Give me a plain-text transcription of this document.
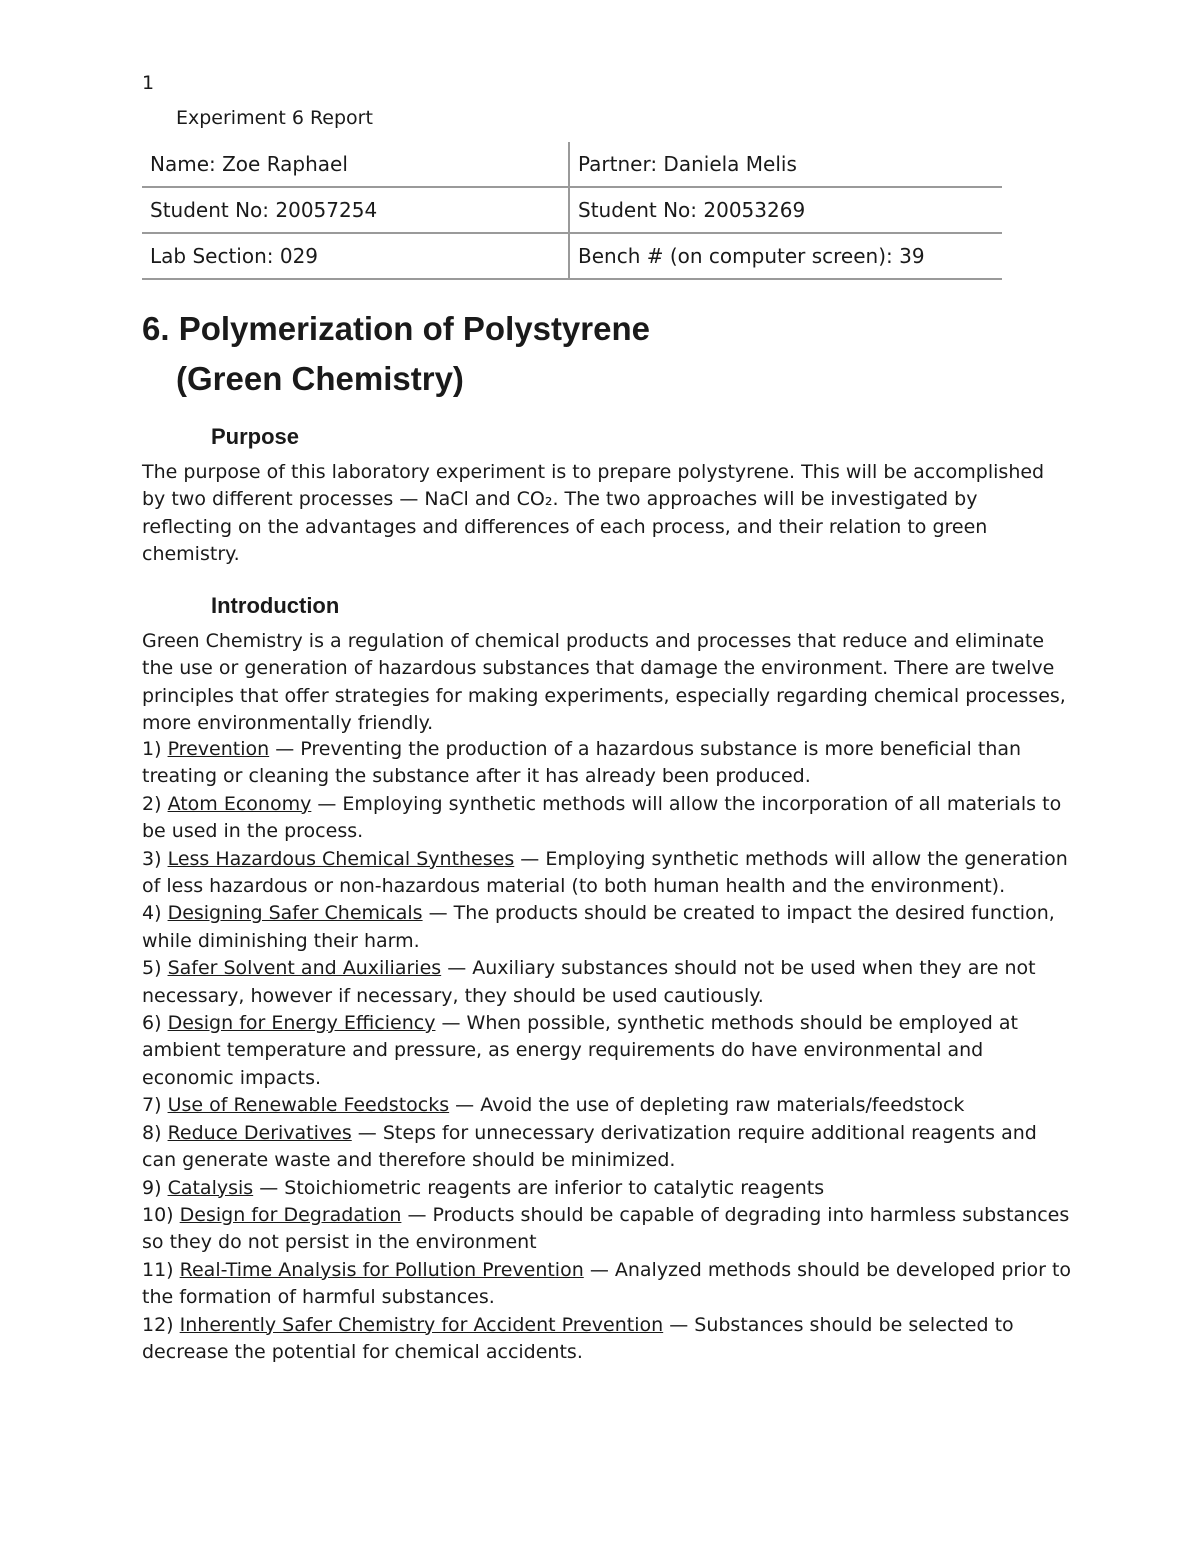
1
Experiment 6 Report
Name: Zoe Raphael	Partner: Daniela Melis
Student No: 20057254	Student No: 20053269
Lab Section: 029	Bench # (on computer screen): 39
6. Polymerization of Polystyrene
(Green Chemistry)
Purpose

The purpose of this laboratory experiment is to prepare polystyrene. This will be accomplished by two different processes — NaCl and CO₂. The two approaches will be investigated by reflecting on the advantages and differences of each process, and their relation to green chemistry.

Introduction

Green Chemistry is a regulation of chemical products and processes that reduce and eliminate the use or generation of hazardous substances that damage the environment. There are twelve principles that offer strategies for making experiments, especially regarding chemical processes, more environmentally friendly.

1) Prevention — Preventing the production of a hazardous substance is more beneficial than treating or cleaning the substance after it has already been produced.
2) Atom Economy — Employing synthetic methods will allow the incorporation of all materials to be used in the process.
3) Less Hazardous Chemical Syntheses — Employing synthetic methods will allow the generation of less hazardous or non-hazardous material (to both human health and the environment).
4) Designing Safer Chemicals — The products should be created to impact the desired function, while diminishing their harm.
5) Safer Solvent and Auxiliaries — Auxiliary substances should not be used when they are not necessary, however if necessary, they should be used cautiously.
6) Design for Energy Efficiency — When possible, synthetic methods should be employed at ambient temperature and pressure, as energy requirements do have environmental and economic impacts.
7) Use of Renewable Feedstocks — Avoid the use of depleting raw materials/feedstock
8) Reduce Derivatives — Steps for unnecessary derivatization require additional reagents and can generate waste and therefore should be minimized.
9) Catalysis — Stoichiometric reagents are inferior to catalytic reagents
10) Design for Degradation — Products should be capable of degrading into harmless substances so they do not persist in the environment
11) Real-Time Analysis for Pollution Prevention — Analyzed methods should be developed prior to the formation of harmful substances.
12) Inherently Safer Chemistry for Accident Prevention — Substances should be selected to decrease the potential for chemical accidents.
